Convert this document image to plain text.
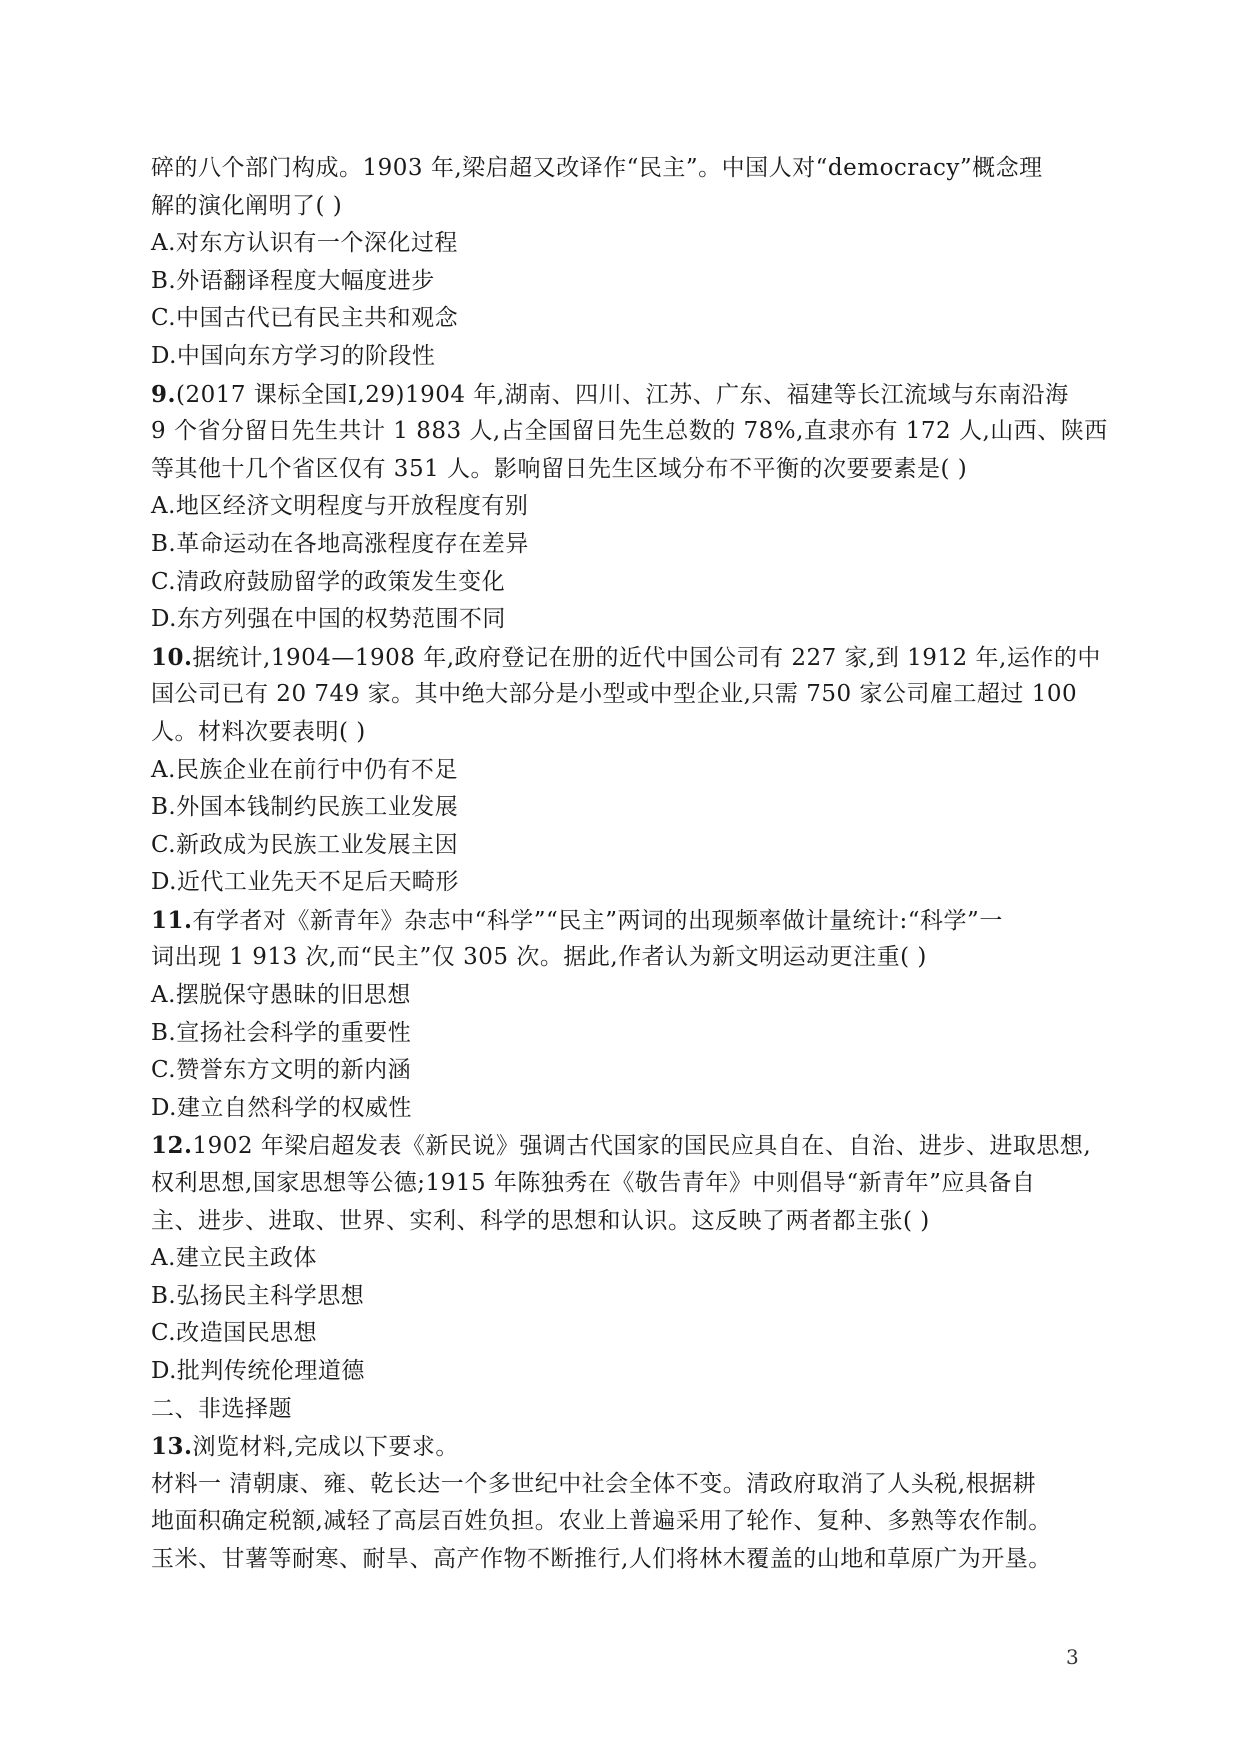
碎的八个部门构成。1903 年,梁启超又改译作“民主”。中国人对“democracy”概念理
解的演化阐明了( )
A.对东方认识有一个深化过程
B.外语翻译程度大幅度进步
C.中国古代已有民主共和观念
D.中国向东方学习的阶段性
9.(2017 课标全国Ⅰ,29)1904 年,湖南、四川、江苏、广东、福建等长江流域与东南沿海
9 个省分留日先生共计 1 883 人,占全国留日先生总数的 78%,直隶亦有 172 人,山西、陕西
等其他十几个省区仅有 351 人。影响留日先生区域分布不平衡的次要要素是( )
A.地区经济文明程度与开放程度有别
B.革命运动在各地高涨程度存在差异
C.清政府鼓励留学的政策发生变化
D.东方列强在中国的权势范围不同
10.据统计,1904—1908 年,政府登记在册的近代中国公司有 227 家,到 1912 年,运作的中
国公司已有 20 749 家。其中绝大部分是小型或中型企业,只需 750 家公司雇工超过 100
人。材料次要表明( )
A.民族企业在前行中仍有不足
B.外国本钱制约民族工业发展
C.新政成为民族工业发展主因
D.近代工业先天不足后天畸形
11.有学者对《新青年》杂志中“科学”“民主”两词的出现频率做计量统计:“科学”一
词出现 1 913 次,而“民主”仅 305 次。据此,作者认为新文明运动更注重( )
A.摆脱保守愚昧的旧思想
B.宣扬社会科学的重要性
C.赞誉东方文明的新内涵
D.建立自然科学的权威性
12.1902 年梁启超发表《新民说》强调古代国家的国民应具自在、自治、进步、进取思想,
权利思想,国家思想等公德;1915 年陈独秀在《敬告青年》中则倡导“新青年”应具备自
主、进步、进取、世界、实利、科学的思想和认识。这反映了两者都主张( )
A.建立民主政体
B.弘扬民主科学思想
C.改造国民思想
D.批判传统伦理道德
二、非选择题
13.浏览材料,完成以下要求。
材料一 清朝康、雍、乾长达一个多世纪中社会全体不变。清政府取消了人头税,根据耕
地面积确定税额,减轻了高层百姓负担。农业上普遍采用了轮作、复种、多熟等农作制。
玉米、甘薯等耐寒、耐旱、高产作物不断推行,人们将林木覆盖的山地和草原广为开垦。
3
